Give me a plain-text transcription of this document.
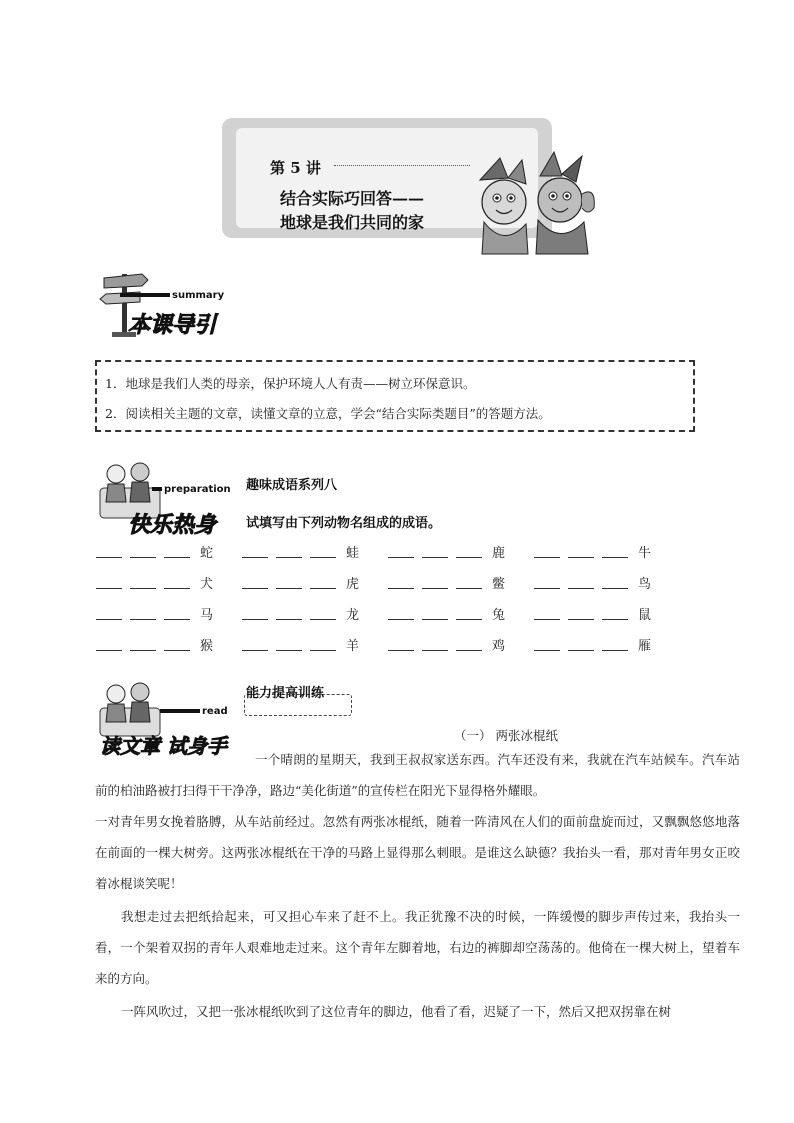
第 5 讲
结合实际巧回答——
地球是我们共同的家
summary
本课导引
1．地球是我们人类的母亲，保护环境人人有责——树立环保意识。
2．阅读相关主题的文章，读懂文章的立意，学会“结合实际类题目”的答题方法。
preparation
快乐热身
趣味成语系列八
试填写由下列动物名组成的成语。
蛇	蛙	鹿	牛
犬	虎	鳖	鸟
马	龙	兔	鼠
猴	羊	鸡	雁
read
读文章 试身手
能力提高训练
（一） 两张冰棍纸
一个晴朗的星期天，我到王叔叔家送东西。汽车还没有来，我就在汽车站候车。汽车站前的柏油路被打扫得干干净净，路边“美化街道”的宣传栏在阳光下显得格外耀眼。
一对青年男女挽着胳膊，从车站前经过。忽然有两张冰棍纸，随着一阵清风在人们的面前盘旋而过，又飘飘悠悠地落在前面的一棵大树旁。这两张冰棍纸在干净的马路上显得那么刺眼。是谁这么缺德？我抬头一看，那对青年男女正咬着冰棍谈笑呢！
我想走过去把纸拾起来，可又担心车来了赶不上。我正犹豫不决的时候，一阵缓慢的脚步声传过来，我抬头一看，一个架着双拐的青年人艰难地走过来。这个青年左脚着地，右边的裤脚却空荡荡的。他倚在一棵大树上，望着车来的方向。
一阵风吹过，又把一张冰棍纸吹到了这位青年的脚边，他看了看，迟疑了一下，然后又把双拐靠在树
